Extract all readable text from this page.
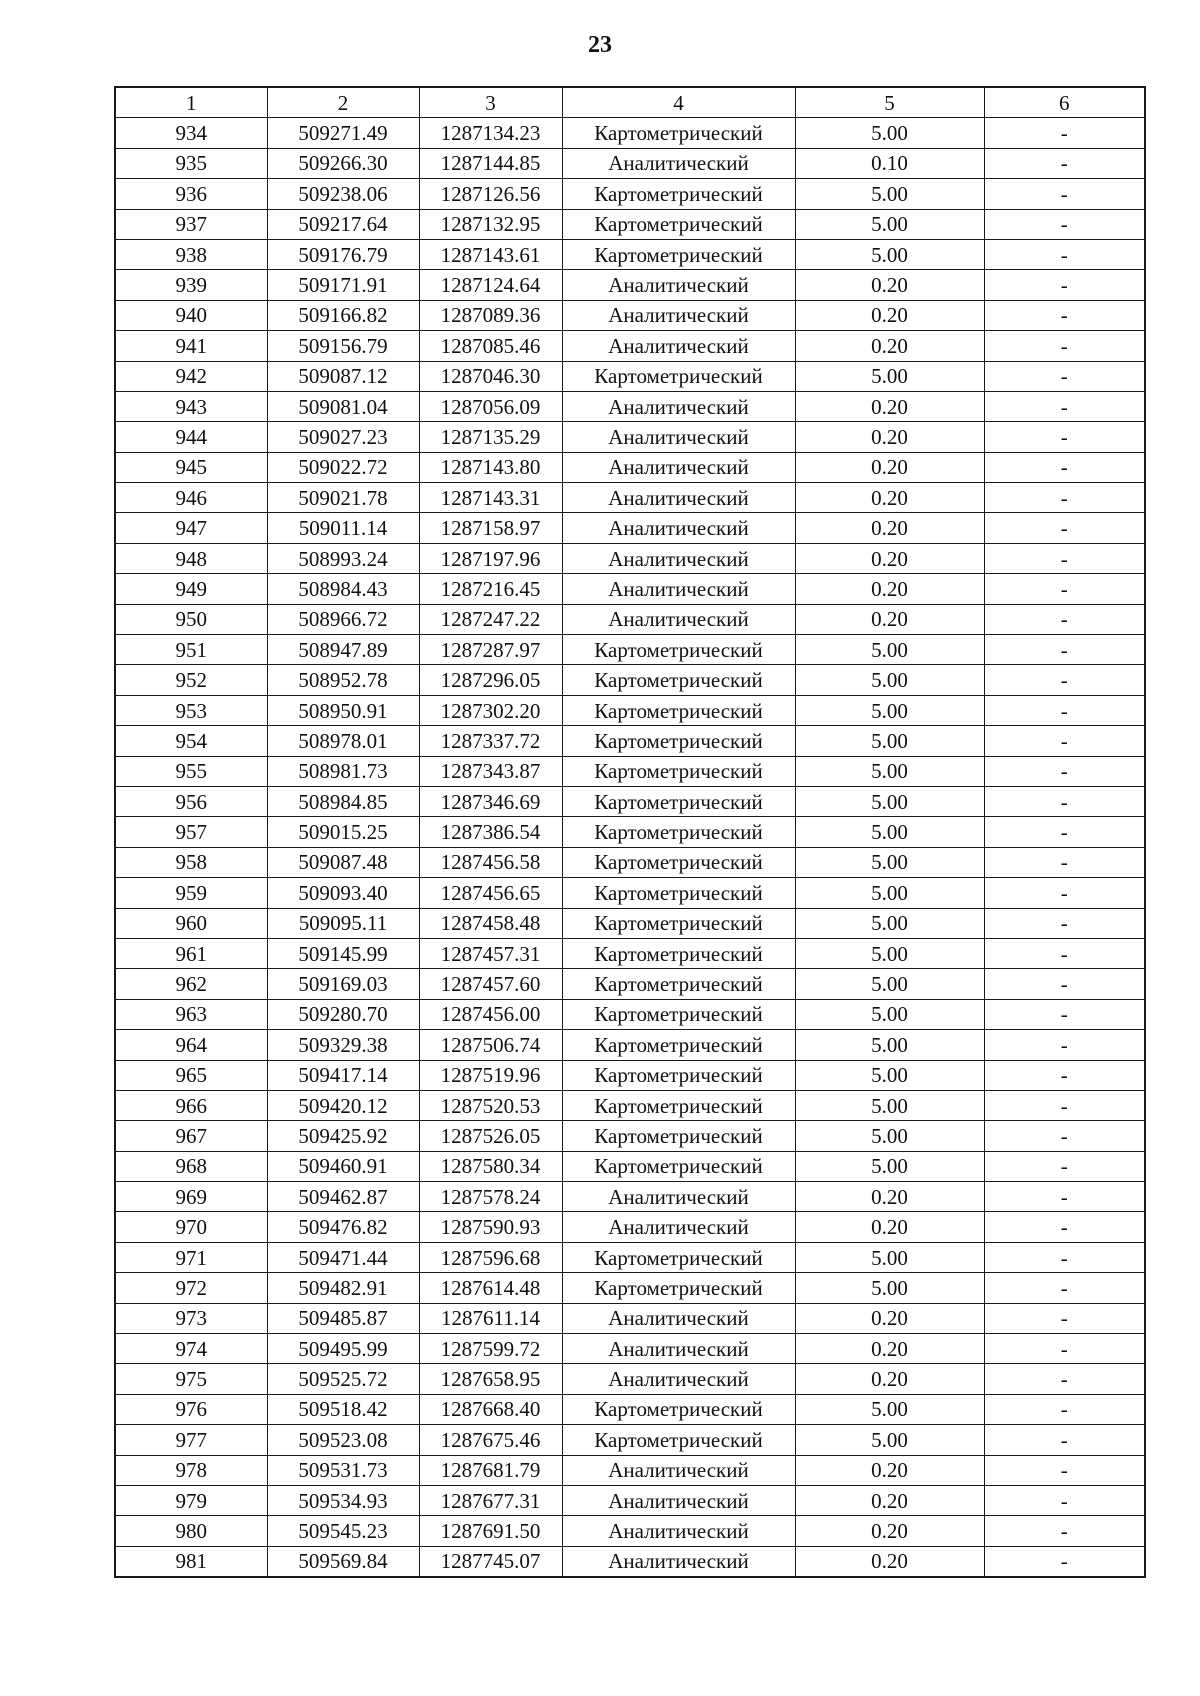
23
1	2	3	4	5	6
934	509271.49	1287134.23	Картометрический	5.00	-
935	509266.30	1287144.85	Аналитический	0.10	-
936	509238.06	1287126.56	Картометрический	5.00	-
937	509217.64	1287132.95	Картометрический	5.00	-
938	509176.79	1287143.61	Картометрический	5.00	-
939	509171.91	1287124.64	Аналитический	0.20	-
940	509166.82	1287089.36	Аналитический	0.20	-
941	509156.79	1287085.46	Аналитический	0.20	-
942	509087.12	1287046.30	Картометрический	5.00	-
943	509081.04	1287056.09	Аналитический	0.20	-
944	509027.23	1287135.29	Аналитический	0.20	-
945	509022.72	1287143.80	Аналитический	0.20	-
946	509021.78	1287143.31	Аналитический	0.20	-
947	509011.14	1287158.97	Аналитический	0.20	-
948	508993.24	1287197.96	Аналитический	0.20	-
949	508984.43	1287216.45	Аналитический	0.20	-
950	508966.72	1287247.22	Аналитический	0.20	-
951	508947.89	1287287.97	Картометрический	5.00	-
952	508952.78	1287296.05	Картометрический	5.00	-
953	508950.91	1287302.20	Картометрический	5.00	-
954	508978.01	1287337.72	Картометрический	5.00	-
955	508981.73	1287343.87	Картометрический	5.00	-
956	508984.85	1287346.69	Картометрический	5.00	-
957	509015.25	1287386.54	Картометрический	5.00	-
958	509087.48	1287456.58	Картометрический	5.00	-
959	509093.40	1287456.65	Картометрический	5.00	-
960	509095.11	1287458.48	Картометрический	5.00	-
961	509145.99	1287457.31	Картометрический	5.00	-
962	509169.03	1287457.60	Картометрический	5.00	-
963	509280.70	1287456.00	Картометрический	5.00	-
964	509329.38	1287506.74	Картометрический	5.00	-
965	509417.14	1287519.96	Картометрический	5.00	-
966	509420.12	1287520.53	Картометрический	5.00	-
967	509425.92	1287526.05	Картометрический	5.00	-
968	509460.91	1287580.34	Картометрический	5.00	-
969	509462.87	1287578.24	Аналитический	0.20	-
970	509476.82	1287590.93	Аналитический	0.20	-
971	509471.44	1287596.68	Картометрический	5.00	-
972	509482.91	1287614.48	Картометрический	5.00	-
973	509485.87	1287611.14	Аналитический	0.20	-
974	509495.99	1287599.72	Аналитический	0.20	-
975	509525.72	1287658.95	Аналитический	0.20	-
976	509518.42	1287668.40	Картометрический	5.00	-
977	509523.08	1287675.46	Картометрический	5.00	-
978	509531.73	1287681.79	Аналитический	0.20	-
979	509534.93	1287677.31	Аналитический	0.20	-
980	509545.23	1287691.50	Аналитический	0.20	-
981	509569.84	1287745.07	Аналитический	0.20	-
